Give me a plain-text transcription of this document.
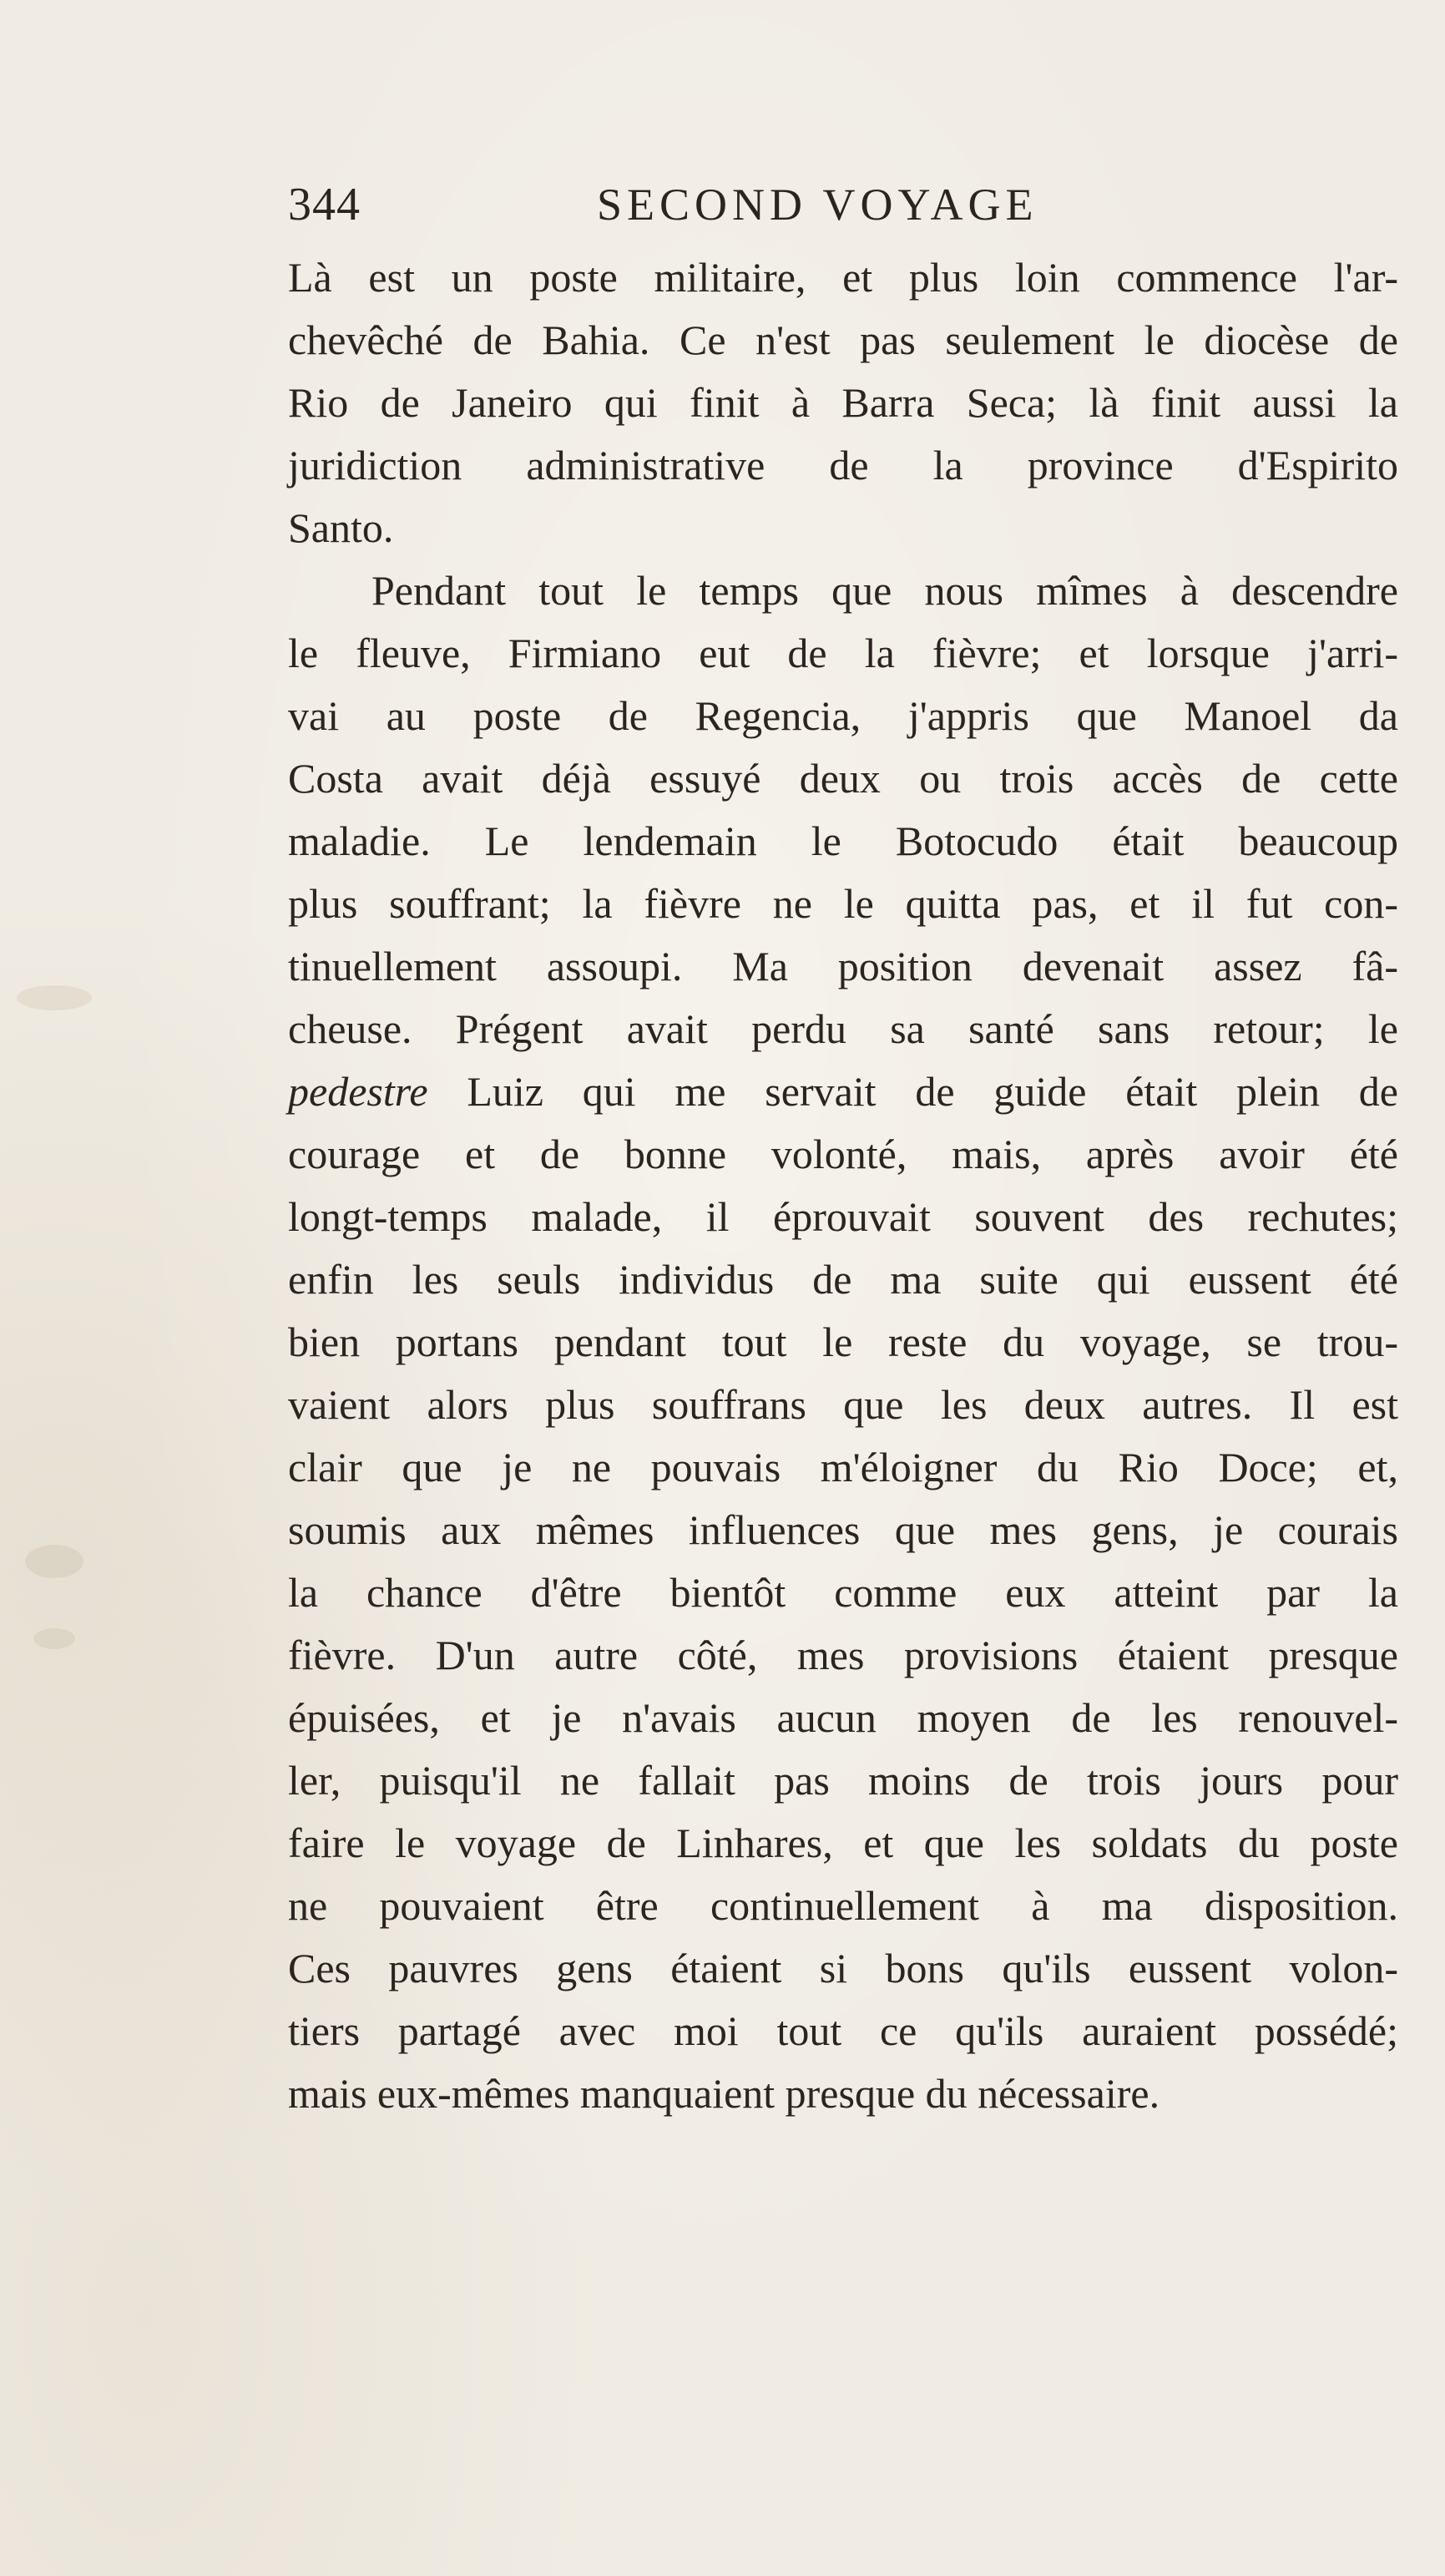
344	SECOND VOYAGE
Là est un poste militaire, et plus loin commence l'ar-
chevêché de Bahia. Ce n'est pas seulement le diocèse de
Rio de Janeiro qui finit à Barra Seca; là finit aussi la
juridiction administrative de la province d'Espirito
Santo.
Pendant tout le temps que nous mîmes à descendre
le fleuve, Firmiano eut de la fièvre; et lorsque j'arri-
vai au poste de Regencia, j'appris que Manoel da
Costa avait déjà essuyé deux ou trois accès de cette
maladie. Le lendemain le Botocudo était beaucoup
plus souffrant; la fièvre ne le quitta pas, et il fut con-
tinuellement assoupi. Ma position devenait assez fâ-
cheuse. Prégent avait perdu sa santé sans retour; le
pedestre Luiz qui me servait de guide était plein de
courage et de bonne volonté, mais, après avoir été
longt-temps malade, il éprouvait souvent des rechutes;
enfin les seuls individus de ma suite qui eussent été
bien portans pendant tout le reste du voyage, se trou-
vaient alors plus souffrans que les deux autres. Il est
clair que je ne pouvais m'éloigner du Rio Doce; et,
soumis aux mêmes influences que mes gens, je courais
la chance d'être bientôt comme eux atteint par la
fièvre. D'un autre côté, mes provisions étaient presque
épuisées, et je n'avais aucun moyen de les renouvel-
ler, puisqu'il ne fallait pas moins de trois jours pour
faire le voyage de Linhares, et que les soldats du poste
ne pouvaient être continuellement à ma disposition.
Ces pauvres gens étaient si bons qu'ils eussent volon-
tiers partagé avec moi tout ce qu'ils auraient possédé;
mais eux-mêmes manquaient presque du nécessaire.
